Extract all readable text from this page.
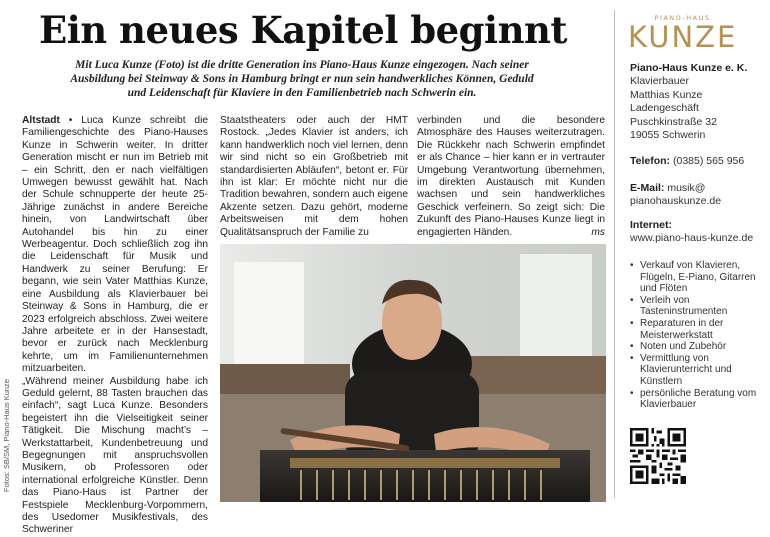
Ein neues Kapitel beginnt
Mit Luca Kunze (Foto) ist die dritte Generation ins Piano-Haus Kunze eingezogen. Nach seiner Ausbildung bei Steinway & Sons in Hamburg bringt er nun sein handwerkliches Können, Geduld und Leidenschaft für Klaviere in den Familienbetrieb nach Schwerin ein.

Altstadt • Luca Kunze schreibt die Familiengeschichte des Piano-Hauses Kunze in Schwerin weiter. In dritter Generation mischt er nun im Betrieb mit – ein Schritt, den er nach vielfältigen Umwegen bewusst gewählt hat. Nach der Schule schnupperte der heute 25-Jährige zunächst in andere Bereiche hinein, von Landwirtschaft über Autohandel bis hin zu einer Werbeagentur. Doch schließlich zog ihn die Leidenschaft für Musik und Handwerk zu seiner Berufung: Er begann, wie sein Vater Matthias Kunze, eine Ausbildung als Klavierbauer bei Steinway & Sons in Hamburg, die er 2023 erfolgreich abschloss. Zwei weitere Jahre arbeitete er in der Hansestadt, bevor er zurück nach Mecklenburg kehrte, um im Familienunternehmen mitzuarbeiten.

„Während meiner Ausbildung habe ich Geduld gelernt, 88 Tasten brauchen das einfach“, sagt Luca Kunze. Besonders begeistert ihn die Vielseitigkeit seiner Tätigkeit. Die Mischung macht’s – Werkstattarbeit, Kundenbetreuung und Begegnungen mit anspruchsvollen Musikern, ob Professoren oder international erfolgreiche Künstler. Denn das Piano-Haus ist Partner der Festspiele Mecklenburg-Vorpommern, des Usedomer Musikfestivals, des Schweriner

Staatstheaters oder auch der HMT Rostock. „Jedes Klavier ist anders, ich kann handwerklich noch viel lernen, denn wir sind nicht so ein Großbetrieb mit standardisierten Abläufen“, betont er. Für ihn ist klar: Er möchte nicht nur die Tradition bewahren, sondern auch eigene Akzente setzen. Dazu gehört, moderne Arbeitsweisen mit dem hohen Qualitätsanspruch der Familie zu

verbinden und die besondere Atmosphäre des Hauses weiterzutragen. Die Rückkehr nach Schwerin empfindet er als Chance – hier kann er in vertrauter Umgebung Verantwortung übernehmen, im direkten Austausch mit Kunden wachsen und sein handwerkliches Geschick verfeinern. So zeigt sich: Die Zukunft des Piano-Hauses Kunze liegt in engagierten Händen.	ms

Fotos: SB/SM, Piano-Haus Kunze
PIANO-HAUS
KUNZE
Piano-Haus Kunze e. K.
Klavierbauer
Matthias Kunze
Ladengeschäft
Puschkinstraße 32
19055 Schwerin
Telefon: (0385) 565 956
E-Mail: musik@
pianohauskunze.de
Internet:
www.piano-haus-kunze.de
• Verkauf von Klavieren, Flügeln, E-Piano, Gitarren und Flöten
• Verleih von Tasteninstrumenten
• Reparaturen in der Meisterwerkstatt
• Noten und Zubehör
• Vermittlung von Klavierunterricht und Künstlern
• persönliche Beratung vom Klavierbauer
